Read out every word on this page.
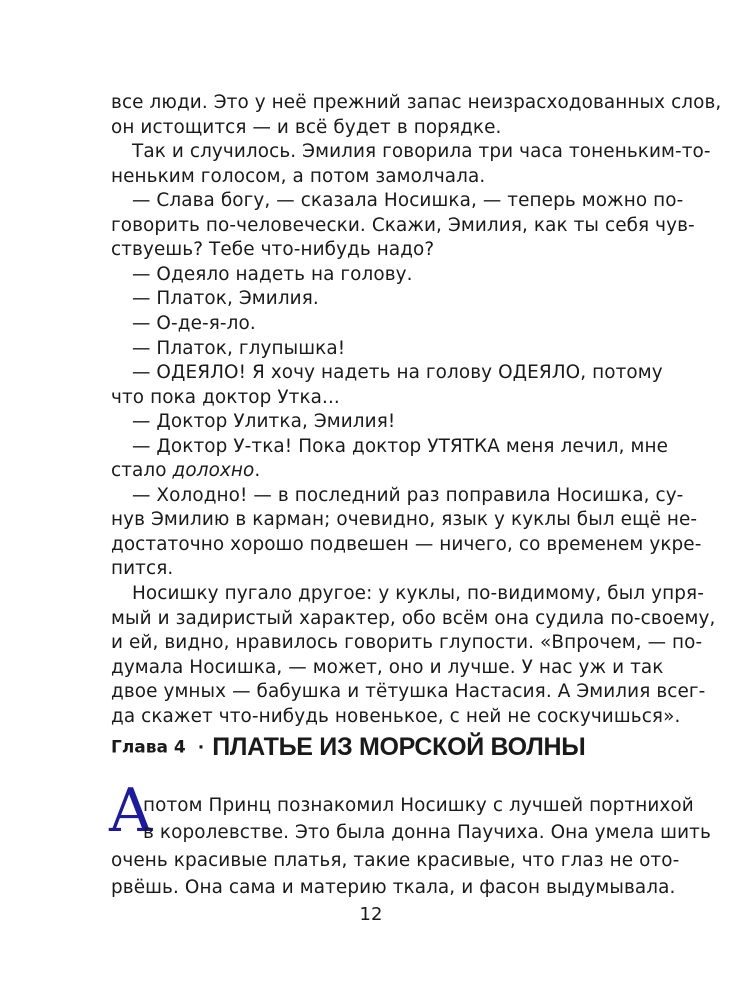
все люди. Это у неё прежний запас неизрасходованных слов,
он истощится — и всё будет в порядке.
Так и случилось. Эмилия говорила три часа тоненьким-то-
неньким голосом, а потом замолчала.
— Слава богу, — сказала Носишка, — теперь можно по-
говорить по-человечески. Скажи, Эмилия, как ты себя чув-
ствуешь? Тебе что-нибудь надо?
— Одеяло надеть на голову.
— Платок, Эмилия.
— О-де-я-ло.
— Платок, глупышка!
— ОДЕЯЛО! Я хочу надеть на голову ОДЕЯЛО, потому
что пока доктор Утка...
— Доктор Улитка, Эмилия!
— Доктор У-тка! Пока доктор УТЯТКА меня лечил, мне
стало долохно.
— Холодно! — в последний раз поправила Носишка, су-
нув Эмилию в карман; очевидно, язык у куклы был ещё не-
достаточно хорошо подвешен — ничего, со временем укре-
пится.
Носишку пугало другое: у куклы, по-видимому, был упря-
мый и задиристый характер, обо всём она судила по-своему,
и ей, видно, нравилось говорить глупости. «Впрочем, — по-
думала Носишка, — может, оно и лучше. У нас уж и так
двое умных — бабушка и тётушка Настасия. А Эмилия всег-
да скажет что-нибудь новенькое, с ней не соскучишься».
Глава 4 · ПЛАТЬЕ ИЗ МОРСКОЙ ВОЛНЫ
А
потом Принц познакомил Носишку с лучшей портнихой
в королевстве. Это была донна Паучиха. Она умела шить
очень красивые платья, такие красивые, что глаз не ото-
рвёшь. Она сама и материю ткала, и фасон выдумывала.
12
